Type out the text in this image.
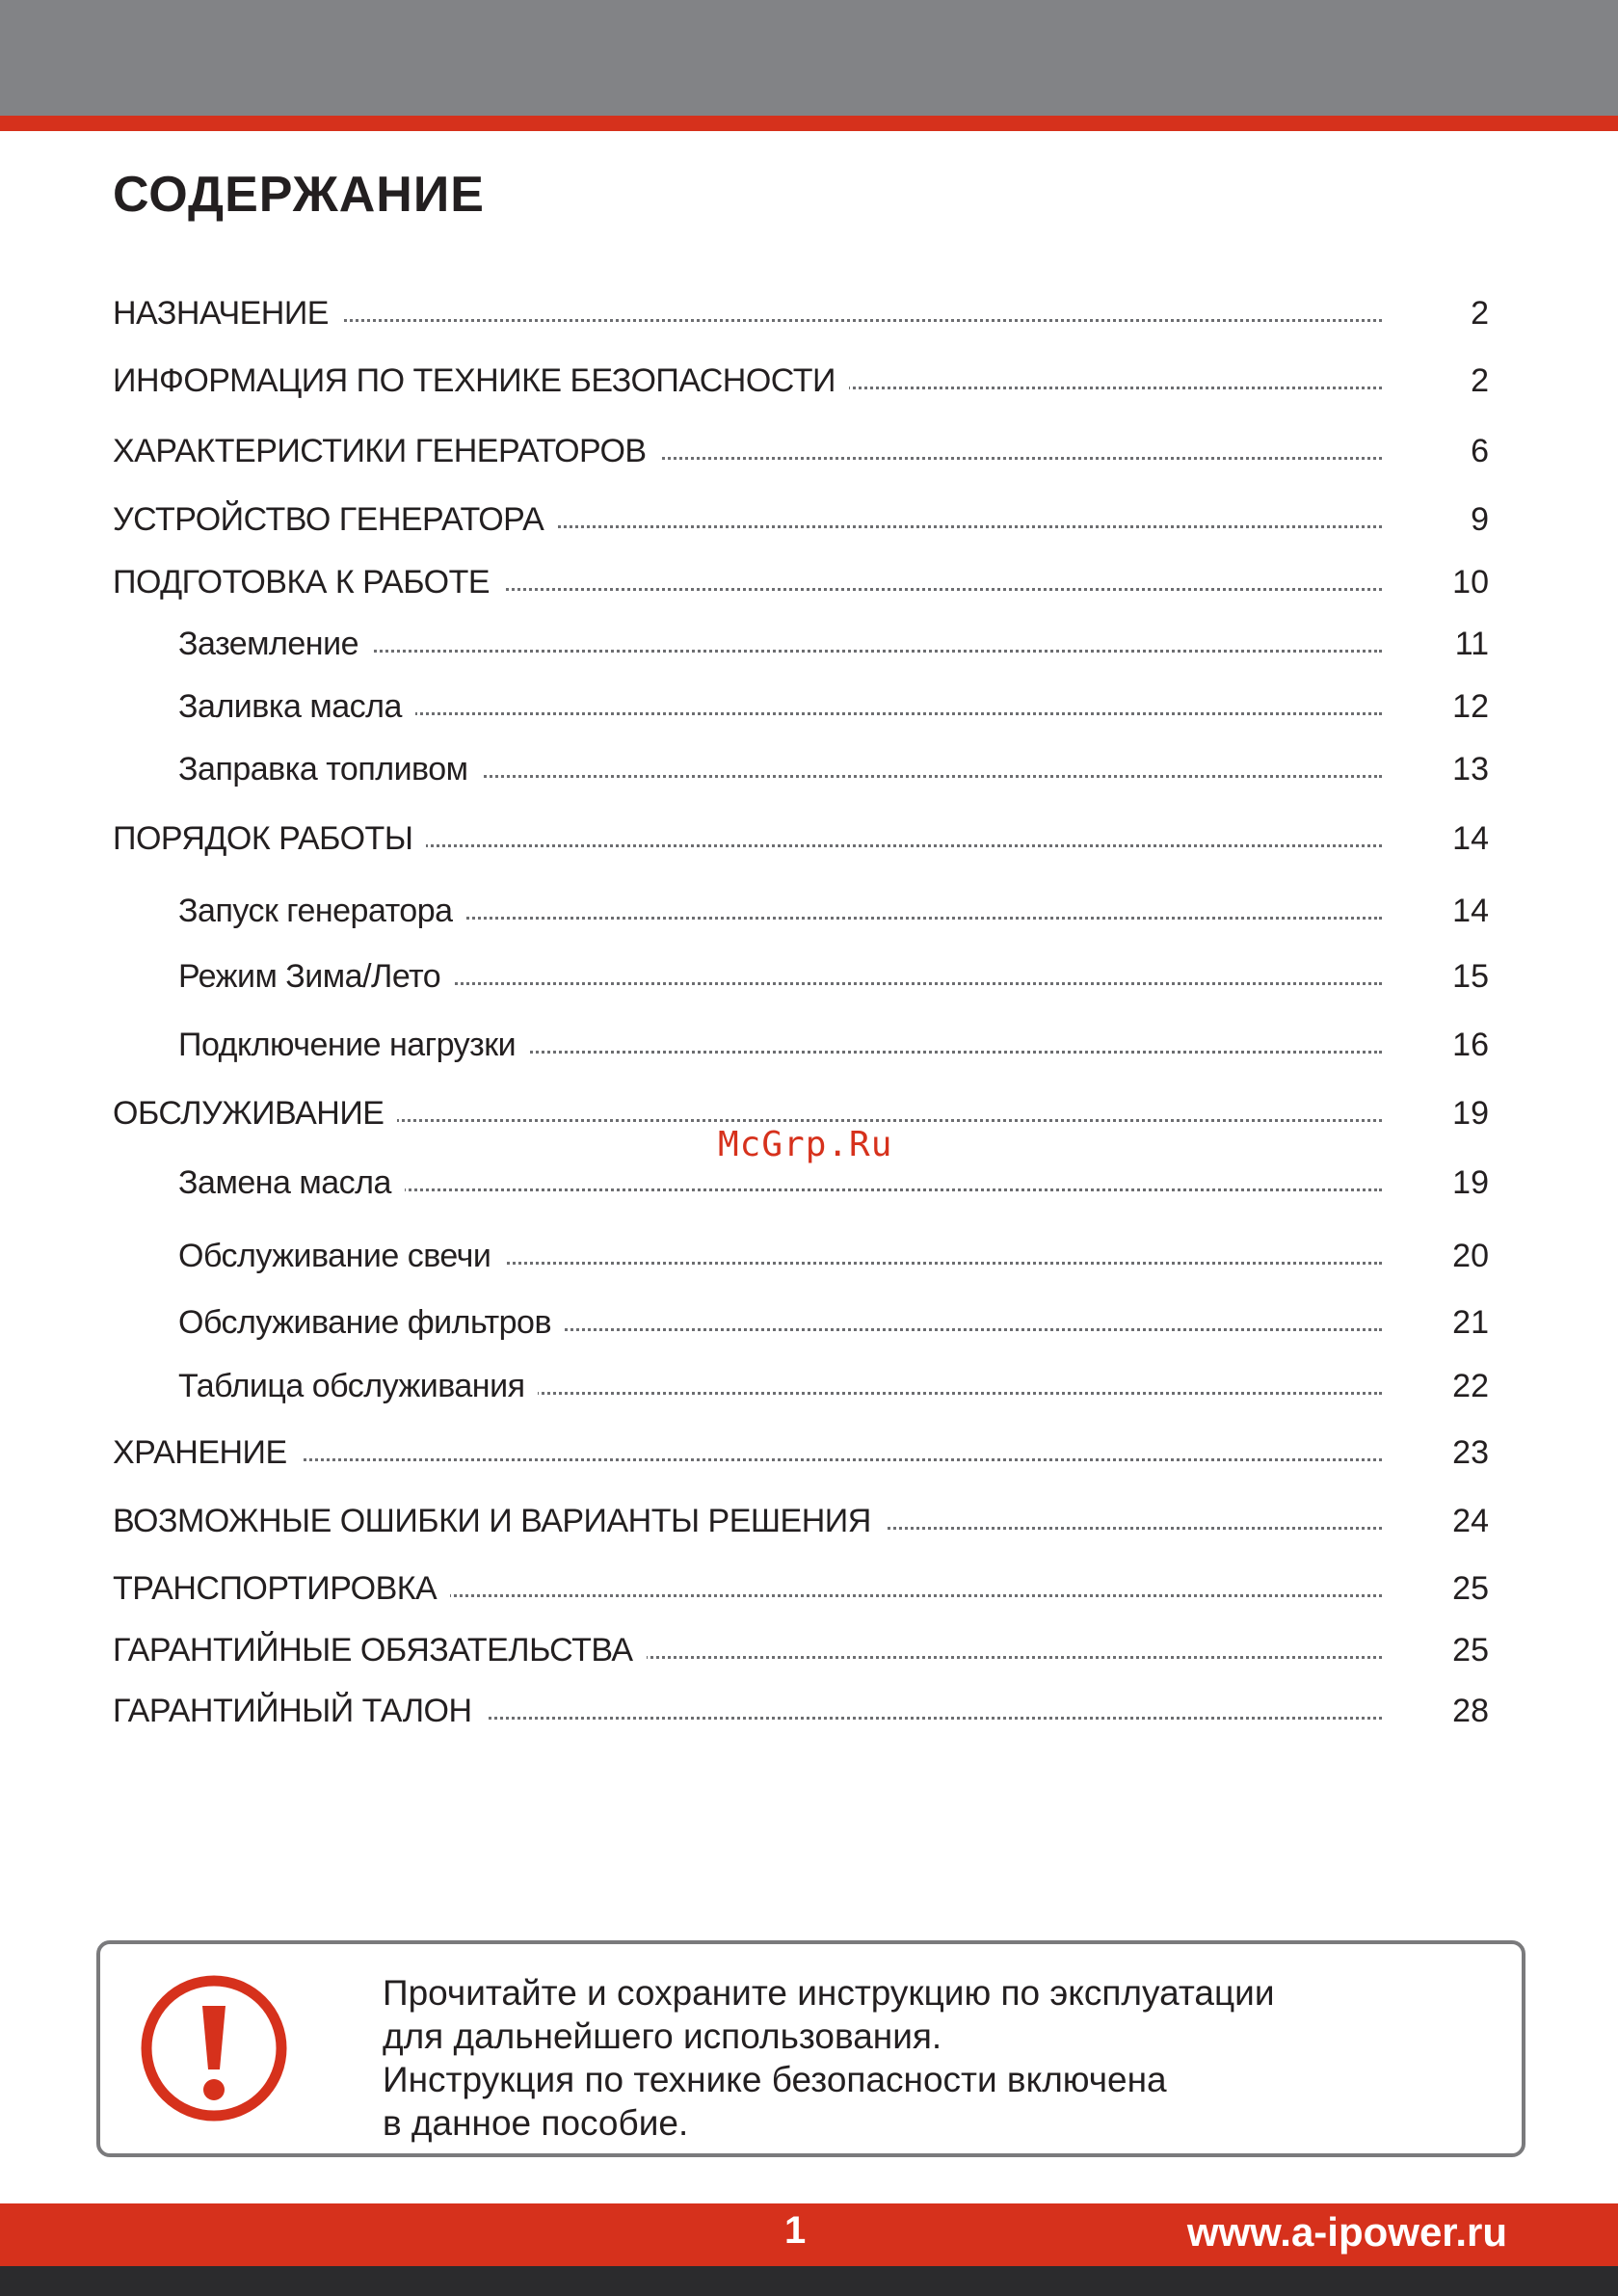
СОДЕРЖАНИЕ
НАЗНАЧЕНИЕ	2
ИНФОРМАЦИЯ ПО ТЕХНИКЕ БЕЗОПАСНОСТИ	2
ХАРАКТЕРИСТИКИ ГЕНЕРАТОРОВ	6
УСТРОЙСТВО ГЕНЕРАТОРА	9
ПОДГОТОВКА К РАБОТЕ	10
Заземление	11
Заливка масла	12
Заправка топливом	13
ПОРЯДОК РАБОТЫ	14
Запуск генератора	14
Режим Зима/Лето	15
Подключение нагрузки	16
ОБСЛУЖИВАНИЕ	19
Замена масла	19
Обслуживание свечи	20
Обслуживание фильтров	21
Таблица обслуживания	22
ХРАНЕНИЕ	23
ВОЗМОЖНЫЕ ОШИБКИ И ВАРИАНТЫ РЕШЕНИЯ	24
ТРАНСПОРТИРОВКА	25
ГАРАНТИЙНЫЕ ОБЯЗАТЕЛЬСТВА	25
ГАРАНТИЙНЫЙ ТАЛОН	28
McGrp.Ru
Прочитайте и сохраните инструкцию по эксплуатации
для дальнейшего использования.
Инструкция по технике безопасности включена
в данное пособие.
1	www.a-ipower.ru
